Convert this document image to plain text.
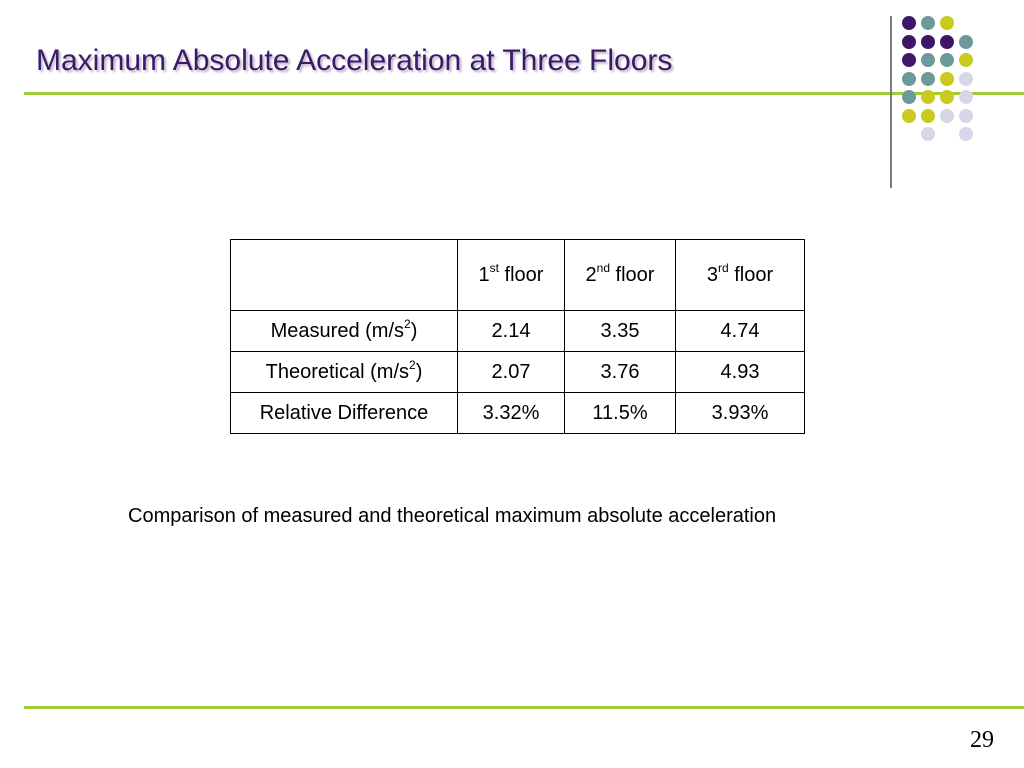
Maximum Absolute Acceleration at Three Floors
	1st floor	2nd floor	3rd floor
Measured $(m/s^2)$	2.14	3.35	4.74
Theoretical $(m/s^2)$	2.07	3.76	4.93
Relative Difference	3.32%	11.5%	3.93%
Comparison of measured and theoretical maximum absolute acceleration
29
